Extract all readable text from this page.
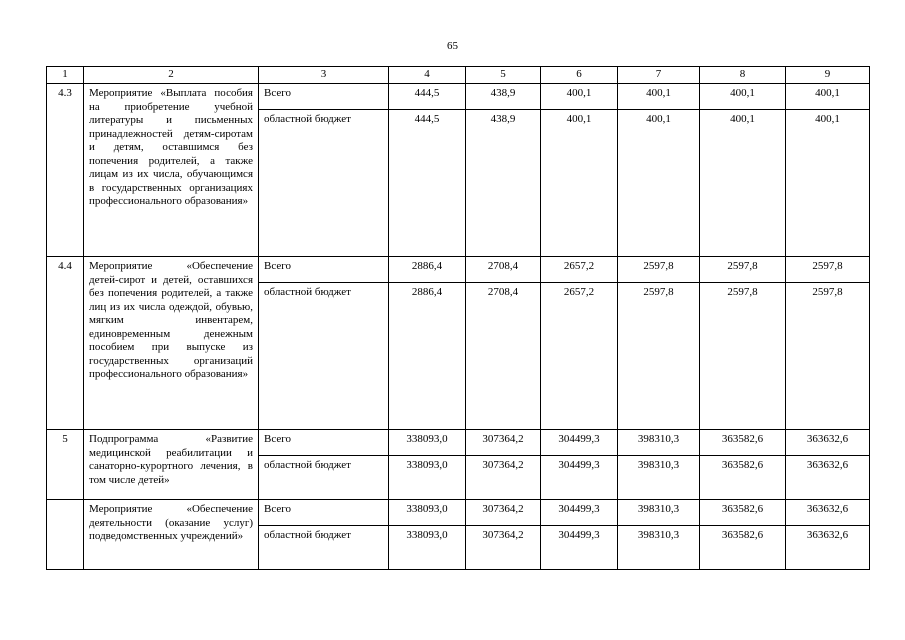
65
1	2	3	4	5	6	7	8	9
4.3	Мероприятие «Выплата пособия на приобретение учебной литературы и письменных принадлежностей детям-сиротам и детям, оставшимся без попечения родителей, а также лицам из их числа, обучающимся в государственных организациях профессионального образования»	Всего	444,5	438,9	400,1	400,1	400,1	400,1
		областной бюджет	444,5	438,9	400,1	400,1	400,1	400,1
4.4	Мероприятие «Обеспечение детей-сирот и детей, оставшихся без попечения родителей, а также лиц из их числа одеждой, обувью, мягким инвентарем, единовременным денежным пособием при выпуске из государственных организаций профессионального образования»	Всего	2886,4	2708,4	2657,2	2597,8	2597,8	2597,8
		областной бюджет	2886,4	2708,4	2657,2	2597,8	2597,8	2597,8
5	Подпрограмма «Развитие медицинской реабилитации и санаторно-курортного лечения, в том числе детей»	Всего	338093,0	307364,2	304499,3	398310,3	363582,6	363632,6
		областной бюджет	338093,0	307364,2	304499,3	398310,3	363582,6	363632,6
	Мероприятие «Обеспечение деятельности (оказание услуг) подведомственных учреждений»	Всего	338093,0	307364,2	304499,3	398310,3	363582,6	363632,6
		областной бюджет	338093,0	307364,2	304499,3	398310,3	363582,6	363632,6
